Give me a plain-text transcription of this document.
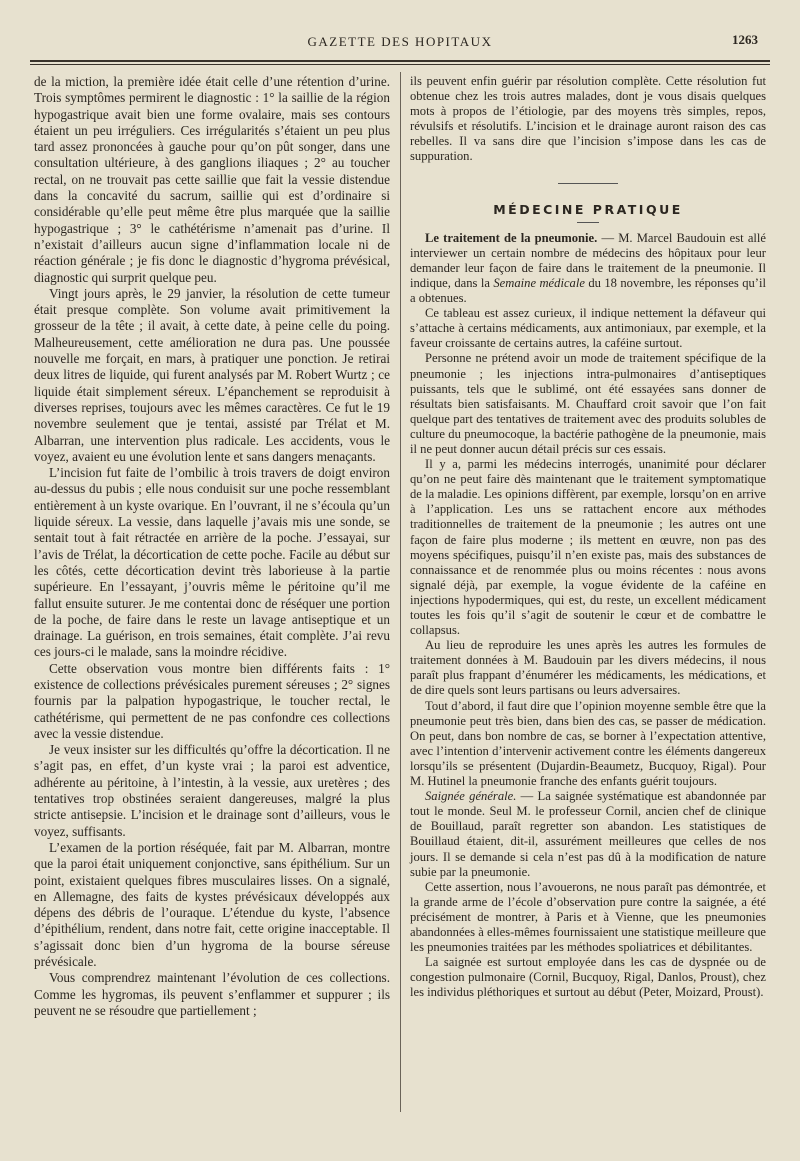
GAZETTE DES HOPITAUX	1263

de la miction, la première idée était celle d’une rétention d’urine. Trois symptômes permirent le diagnostic : 1° la saillie de la région hypogastrique avait bien une forme ovalaire, mais ses contours étaient un peu irréguliers. Ces irrégularités s’étaient un peu plus tard assez prononcées à gauche pour qu’on pût songer, dans une consultation ultérieure, à des ganglions iliaques ; 2° au toucher rectal, on ne trouvait pas cette saillie que fait la vessie distendue dans la concavité du sacrum, saillie qui est d’ordinaire si considérable qu’elle peut même être plus marquée que la saillie hypogastrique ; 3° le cathétérisme n’amenait pas d’urine. Il n’existait d’ailleurs aucun signe d’inflammation locale ni de réaction générale ; je fis donc le diagnostic d’hygroma prévésical, diagnostic qui surprit quelque peu.

Vingt jours après, le 29 janvier, la résolution de cette tumeur était presque complète. Son volume avait primitivement la grosseur de la tête ; il avait, à cette date, à peine celle du poing. Malheureusement, cette amélioration ne dura pas. Une poussée nouvelle me forçait, en mars, à pratiquer une ponction. Je retirai deux litres de liquide, qui furent analysés par M. Robert Wurtz ; ce liquide était simplement séreux. L’épanchement se reproduisit à diverses reprises, toujours avec les mêmes caractères. Ce fut le 19 novembre seulement que je tentai, assisté par Trélat et M. Albarran, une intervention plus radicale. Les accidents, vous le voyez, avaient eu une évolution lente et sans dangers menaçants.

L’incision fut faite de l’ombilic à trois travers de doigt environ au-dessus du pubis ; elle nous conduisit sur une poche ressemblant entièrement à un kyste ovarique. En l’ouvrant, il ne s’écoula qu’un liquide séreux. La vessie, dans laquelle j’avais mis une sonde, se sentait tout à fait rétractée en arrière de la poche. J’essayai, sur l’avis de Trélat, la décortication de cette poche. Facile au début sur les côtés, cette décortication devint très laborieuse à la partie supérieure. En l’essayant, j’ouvris même le péritoine qu’il me fallut ensuite suturer. Je me contentai donc de réséquer une portion de la poche, de faire dans le reste un lavage antiseptique et un drainage. La guérison, en trois semaines, était complète. J’ai revu ces jours-ci le malade, sans la moindre récidive.

Cette observation vous montre bien différents faits : 1° existence de collections prévésicales purement séreuses ; 2° signes fournis par la palpation hypogastrique, le toucher rectal, le cathétérisme, qui permettent de ne pas confondre ces collections avec la vessie distendue.

Je veux insister sur les difficultés qu’offre la décortication. Il ne s’agit pas, en effet, d’un kyste vrai ; la paroi est adventice, adhérente au péritoine, à l’intestin, à la vessie, aux uretères ; des tentatives trop obstinées seraient dangereuses, malgré la plus stricte antisepsie. L’incision et le drainage sont d’ailleurs, vous le voyez, suffisants.

L’examen de la portion réséquée, fait par M. Albarran, montre que la paroi était uniquement conjonctive, sans épithélium. Sur un point, existaient quelques fibres musculaires lisses. On a signalé, en Allemagne, des faits de kystes prévésicaux développés aux dépens des débris de l’ouraque. L’étendue du kyste, l’absence d’épithélium, rendent, dans notre fait, cette origine inacceptable. Il s’agissait donc bien d’un hygroma de la bourse séreuse prévésicale.

Vous comprendrez maintenant l’évolution de ces collections. Comme les hygromas, ils peuvent s’enflammer et suppurer ; ils peuvent ne se résoudre que partiellement ;

ils peuvent enfin guérir par résolution complète. Cette résolution fut obtenue chez les trois autres malades, dont je vous disais quelques mots à propos de l’étiologie, par des moyens très simples, repos, révulsifs et résolutifs. L’incision et le drainage auront raison des cas rebelles. Il va sans dire que l’incision s’impose dans les cas de suppuration.

MÉDECINE PRATIQUE

Le traitement de la pneumonie. — M. Marcel Baudouin est allé interviewer un certain nombre de médecins des hôpitaux pour leur demander leur façon de faire dans le traitement de la pneumonie. Il indique, dans la Semaine médicale du 18 novembre, les réponses qu’il a obtenues.

Ce tableau est assez curieux, il indique nettement la défaveur qui s’attache à certains médicaments, aux antimoniaux, par exemple, et la faveur croissante de certains autres, la caféine surtout.

Personne ne prétend avoir un mode de traitement spécifique de la pneumonie ; les injections intra-pulmonaires d’antiseptiques puissants, tels que le sublimé, ont été essayées sans donner de résultats bien satisfaisants. M. Chauffard croit savoir que l’on fait quelque part des tentatives de traitement avec des produits solubles de culture du pneumocoque, la bactérie pathogène de la pneumonie, mais il ne peut donner aucun détail précis sur ces essais.

Il y a, parmi les médecins interrogés, unanimité pour déclarer qu’on ne peut faire dès maintenant que le traitement symptomatique de la maladie. Les opinions diffèrent, par exemple, lorsqu’on en arrive à l’application. Les uns se rattachent encore aux méthodes traditionnelles de traitement de la pneumonie ; les autres ont une façon de faire plus moderne ; ils mettent en œuvre, non pas des moyens spécifiques, puisqu’il n’en existe pas, mais des substances de connaissance et de renommée plus ou moins récentes : nous avons signalé déjà, par exemple, la vogue évidente de la caféine en injections hypodermiques, qui est, du reste, un excellent médicament toutes les fois qu’il s’agit de soutenir le cœur et de combattre le collapsus.

Au lieu de reproduire les unes après les autres les formules de traitement données à M. Baudouin par les divers médecins, il nous paraît plus frappant d’énumérer les médicaments, les médications, et de dire quels sont leurs partisans ou leurs adversaires.

Tout d’abord, il faut dire que l’opinion moyenne semble être que la pneumonie peut très bien, dans bien des cas, se passer de médication. On peut, dans bon nombre de cas, se borner à l’expectation attentive, avec l’intention d’intervenir activement contre les éléments dangereux lorsqu’ils se présentent (Dujardin-Beaumetz, Bucquoy, Rigal). Pour M. Hutinel la pneumonie franche des enfants guérit toujours.

Saignée générale. — La saignée systématique est abandonnée par tout le monde. Seul M. le professeur Cornil, ancien chef de clinique de Bouillaud, paraît regretter son abandon. Les statistiques de Bouillaud étaient, dit-il, assurément meilleures que celles de nos jours. Il se demande si cela n’est pas dû à la modification de nature subie par la pneumonie.

Cette assertion, nous l’avouerons, ne nous paraît pas démontrée, et la grande arme de l’école d’observation pure contre la saignée, a été précisément de montrer, à Paris et à Vienne, que les pneumonies abandonnées à elles-mêmes fournissaient une statistique meilleure que les pneumonies traitées par les méthodes spoliatrices et débilitantes.

La saignée est surtout employée dans les cas de dyspnée ou de congestion pulmonaire (Cornil, Bucquoy, Rigal, Danlos, Proust), chez les individus pléthoriques et surtout au début (Peter, Moizard, Proust).
